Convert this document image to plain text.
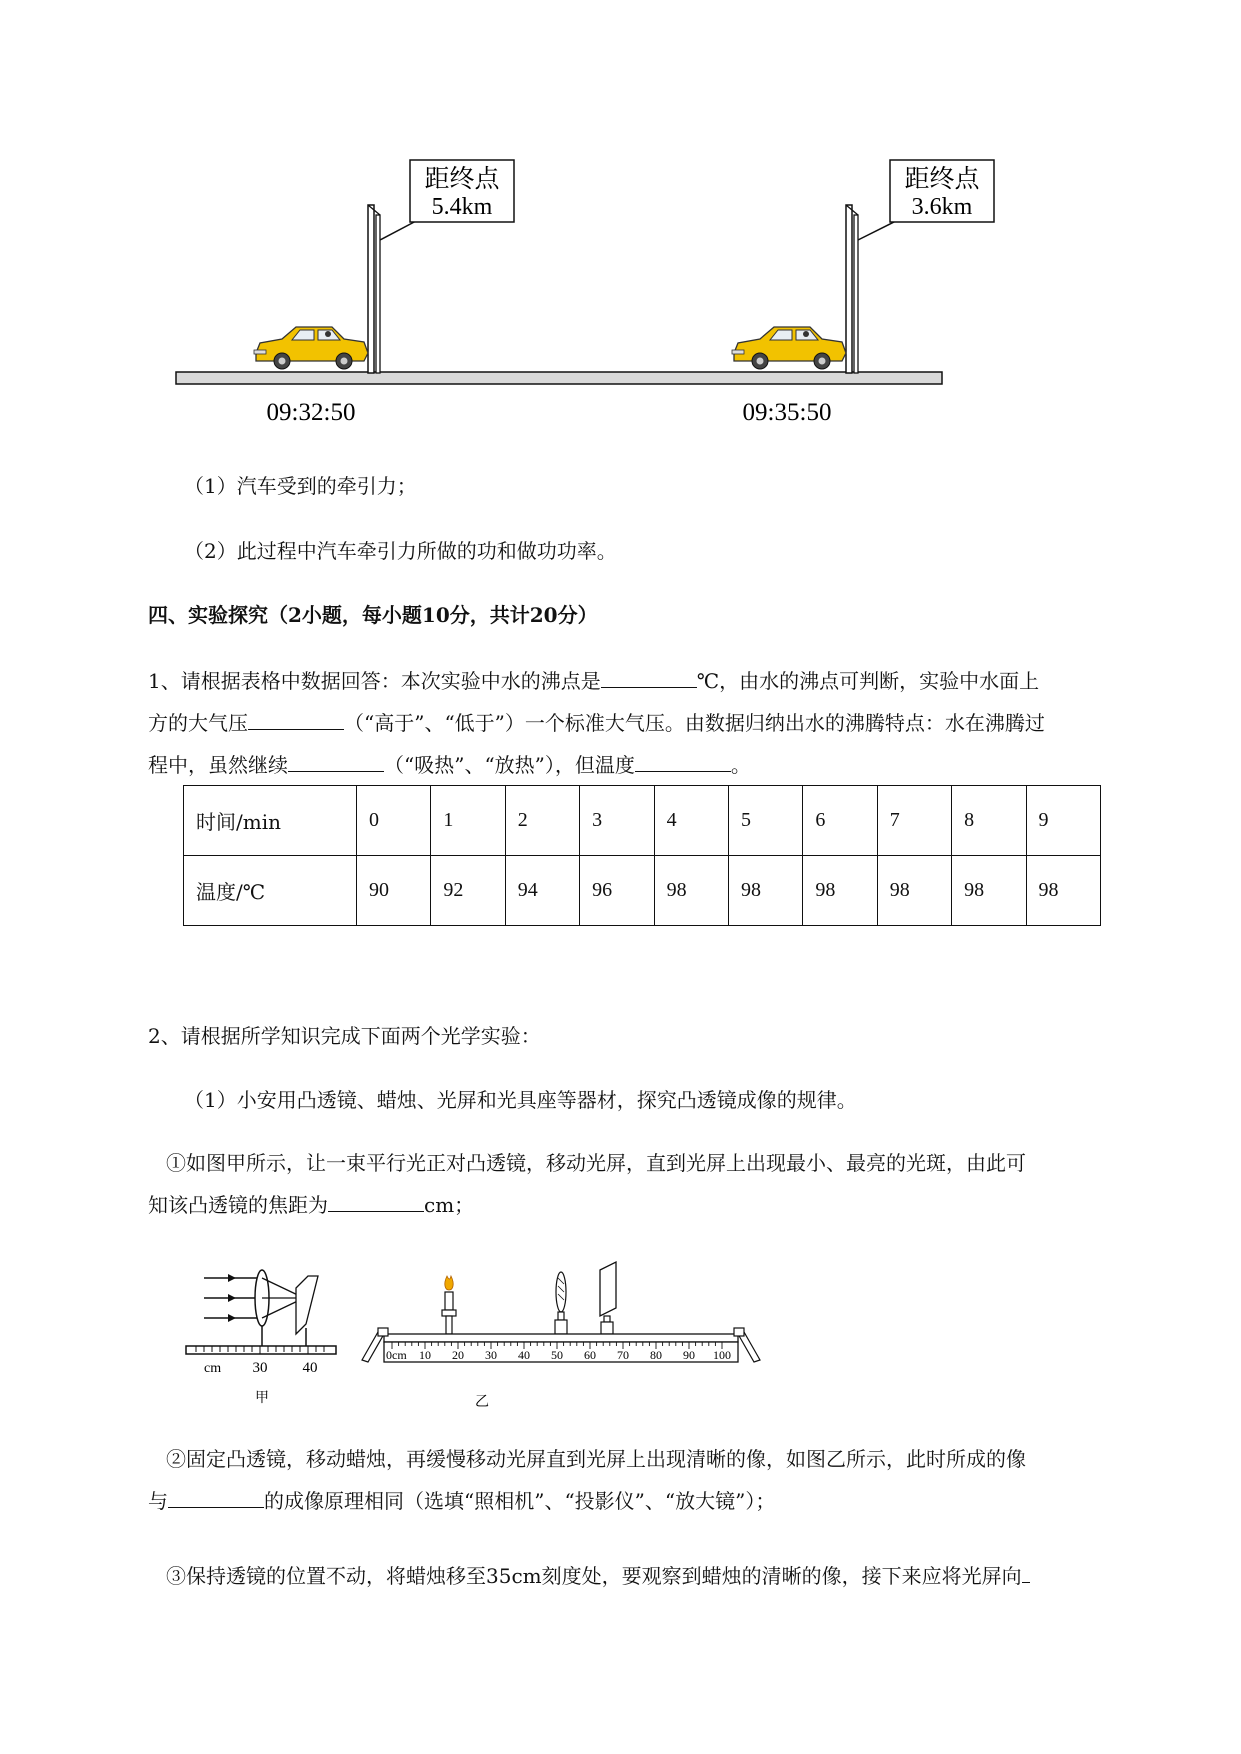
距终点
5.4km
距终点
3.6km
09:32:50	09:35:50
（1）汽车受到的牵引力；
（2）此过程中汽车牵引力所做的功和做功功率。
四、实验探究（2小题，每小题10分，共计20分）
1、请根据表格中数据回答：本次实验中水的沸点是	℃，由水的沸点可判断，实验中水面上
方的大气压	（“高于”、“低于”）一个标准大气压。由数据归纳出水的沸腾特点：水在沸腾过
程中，虽然继续	（“吸热”、“放热”），但温度	。
时间/min	0	1	2	3	4	5	6	7	8	9
温度/℃	90	92	94	96	98	98	98	98	98	98
2、请根据所学知识完成下面两个光学实验：
（1）小安用凸透镜、蜡烛、光屏和光具座等器材，探究凸透镜成像的规律。
①如图甲所示，让一束平行光正对凸透镜，移动光屏，直到光屏上出现最小、最亮的光斑，由此可
知该凸透镜的焦距为	cm；
cm 30 40
甲
0cm 10 20 30 40 50 60 70 80 90 100
乙
②固定凸透镜，移动蜡烛，再缓慢移动光屏直到光屏上出现清晰的像，如图乙所示，此时所成的像
与	的成像原理相同（选填“照相机”、“投影仪”、“放大镜”）；
③保持透镜的位置不动，将蜡烛移至35cm刻度处，要观察到蜡烛的清晰的像，接下来应将光屏向
